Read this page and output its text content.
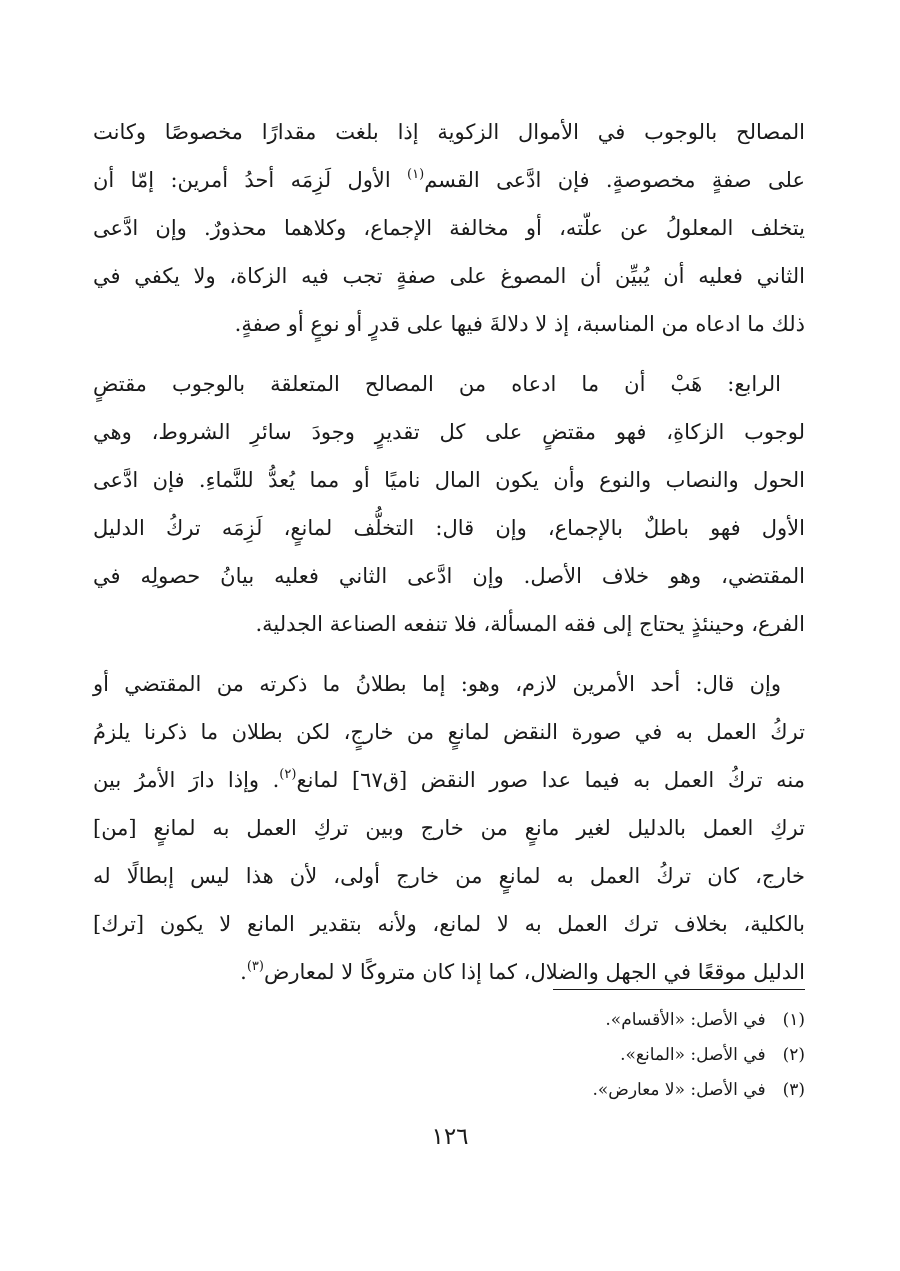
المصالح بالوجوب في الأموال الزكوية إذا بلغت مقدارًا مخصوصًا وكانت
على صفةٍ مخصوصةٍ. فإن ادَّعى القسم$^{(١)}$ الأول لَزِمَه أحدُ أمرين: إمّا أن
يتخلف المعلولُ عن علّته، أو مخالفة الإجماع، وكلاهما محذورٌ. وإن ادَّعى
الثاني فعليه أن يُبيِّن أن المصوغ على صفةٍ تجب فيه الزكاة، ولا يكفي في
ذلك ما ادعاه من المناسبة، إذ لا دلالةَ فيها على قدرٍ أو نوعٍ أو صفةٍ.

الرابع: هَبْ أن ما ادعاه من المصالح المتعلقة بالوجوب مقتضٍ
لوجوب الزكاةِ، فهو مقتضٍ على كل تقديرٍ وجودَ سائرِ الشروط، وهي
الحول والنصاب والنوع وأن يكون المال ناميًا أو مما يُعدُّ للنَّماءِ. فإن ادَّعى
الأول فهو باطلٌ بالإجماع، وإن قال: التخلُّف لمانعٍ، لَزِمَه تركُ الدليل
المقتضي، وهو خلاف الأصل. وإن ادَّعى الثاني فعليه بيانُ حصولِه في
الفرع، وحينئذٍ يحتاج إلى فقه المسألة، فلا تنفعه الصناعة الجدلية.

وإن قال: أحد الأمرين لازم، وهو: إما بطلانُ ما ذكرته من المقتضي أو
تركُ العمل به في صورة النقض لمانعٍ من خارجٍ، لكن بطلان ما ذكرنا يلزمُ
منه تركُ العمل به فيما عدا صور النقض [ق٦٧] لمانع$^{(٢)}$. وإذا دارَ الأمرُ بين
تركِ العمل بالدليل لغير مانعٍ من خارج وبين تركِ العمل به لمانعٍ [من]
خارج، كان تركُ العمل به لمانعٍ من خارج أولى، لأن هذا ليس إبطالًا له
بالكلية، بخلاف ترك العمل به لا لمانع، ولأنه بتقدير المانع لا يكون [ترك]
الدليل موقعًا في الجهل والضلال، كما إذا كان متروكًا لا لمعارض$^{(٣)}$.

(١) في الأصل: «الأقسام».
(٢) في الأصل: «المانع».
(٣) في الأصل: «لا معارض».
١٢٦
